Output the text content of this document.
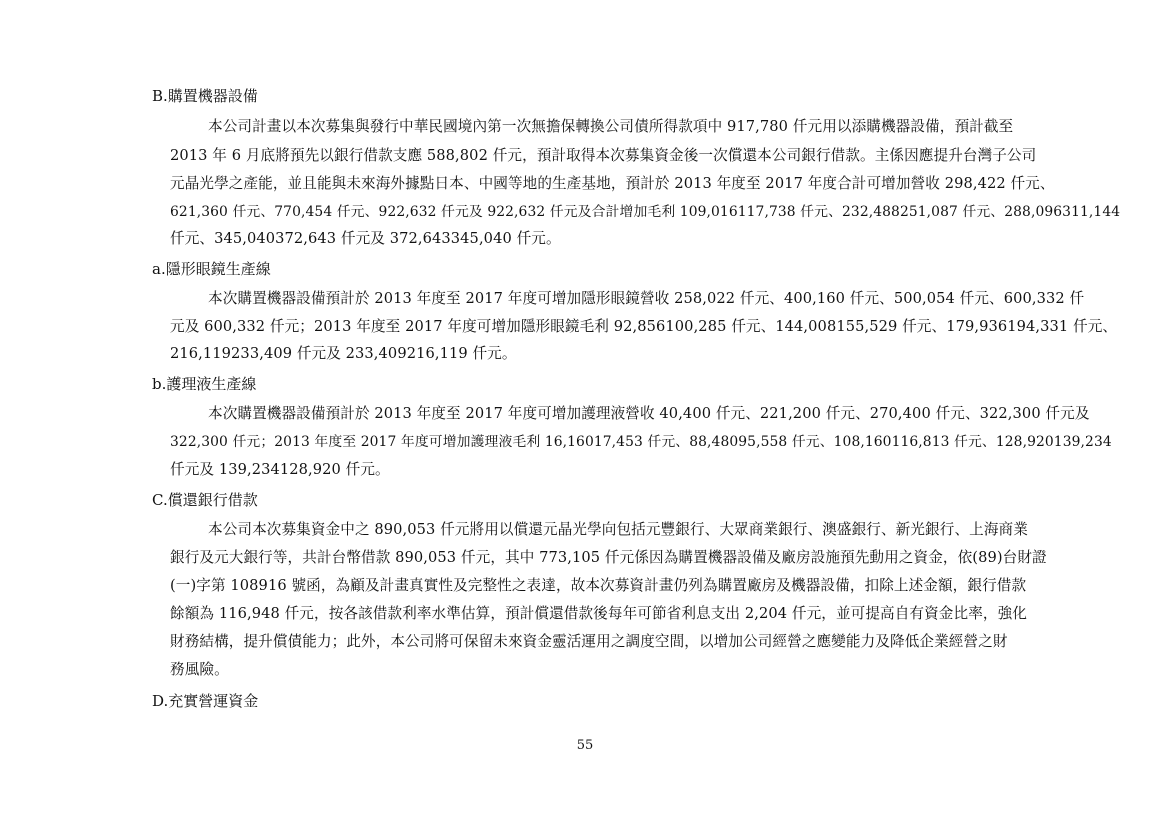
B.購置機器設備
本公司計畫以本次募集與發行中華民國境內第一次無擔保轉換公司債所得款項中 917,780 仟元用以添購機器設備，預計截至
2013 年 6 月底將預先以銀行借款支應 588,802 仟元，預計取得本次募集資金後一次償還本公司銀行借款。主係因應提升台灣子公司
元晶光學之產能，並且能與未來海外據點日本、中國等地的生產基地，預計於 2013 年度至 2017 年度合計可增加營收 298,422 仟元、
621,360 仟元、770,454 仟元、922,632 仟元及 922,632 仟元及合計增加毛利 109,016117,738 仟元、232,488251,087 仟元、288,096311,144
仟元、345,040372,643 仟元及 372,643345,040 仟元。
a.隱形眼鏡生產線
本次購置機器設備預計於 2013 年度至 2017 年度可增加隱形眼鏡營收 258,022 仟元、400,160 仟元、500,054 仟元、600,332 仟
元及 600,332 仟元；2013 年度至 2017 年度可增加隱形眼鏡毛利 92,856100,285 仟元、144,008155,529 仟元、179,936194,331 仟元、
216,119233,409 仟元及 233,409216,119 仟元。
b.護理液生產線
本次購置機器設備預計於 2013 年度至 2017 年度可增加護理液營收 40,400 仟元、221,200 仟元、270,400 仟元、322,300 仟元及
322,300 仟元；2013 年度至 2017 年度可增加護理液毛利 16,16017,453 仟元、88,48095,558 仟元、108,160116,813 仟元、128,920139,234
仟元及 139,234128,920 仟元。
C.償還銀行借款
本公司本次募集資金中之 890,053 仟元將用以償還元晶光學向包括元豐銀行、大眾商業銀行、澳盛銀行、新光銀行、上海商業
銀行及元大銀行等，共計台幣借款 890,053 仟元，其中 773,105 仟元係因為購置機器設備及廠房設施預先動用之資金，依(89)台財證
(一)字第 108916 號函，為顧及計畫真實性及完整性之表達，故本次募資計畫仍列為購置廠房及機器設備，扣除上述金額，銀行借款
餘額為 116,948 仟元，按各該借款利率水準估算，預計償還借款後每年可節省利息支出 2,204 仟元，並可提高自有資金比率，強化
財務結構，提升償債能力；此外，本公司將可保留未來資金靈活運用之調度空間，以增加公司經營之應變能力及降低企業經營之財
務風險。
D.充實營運資金
55
